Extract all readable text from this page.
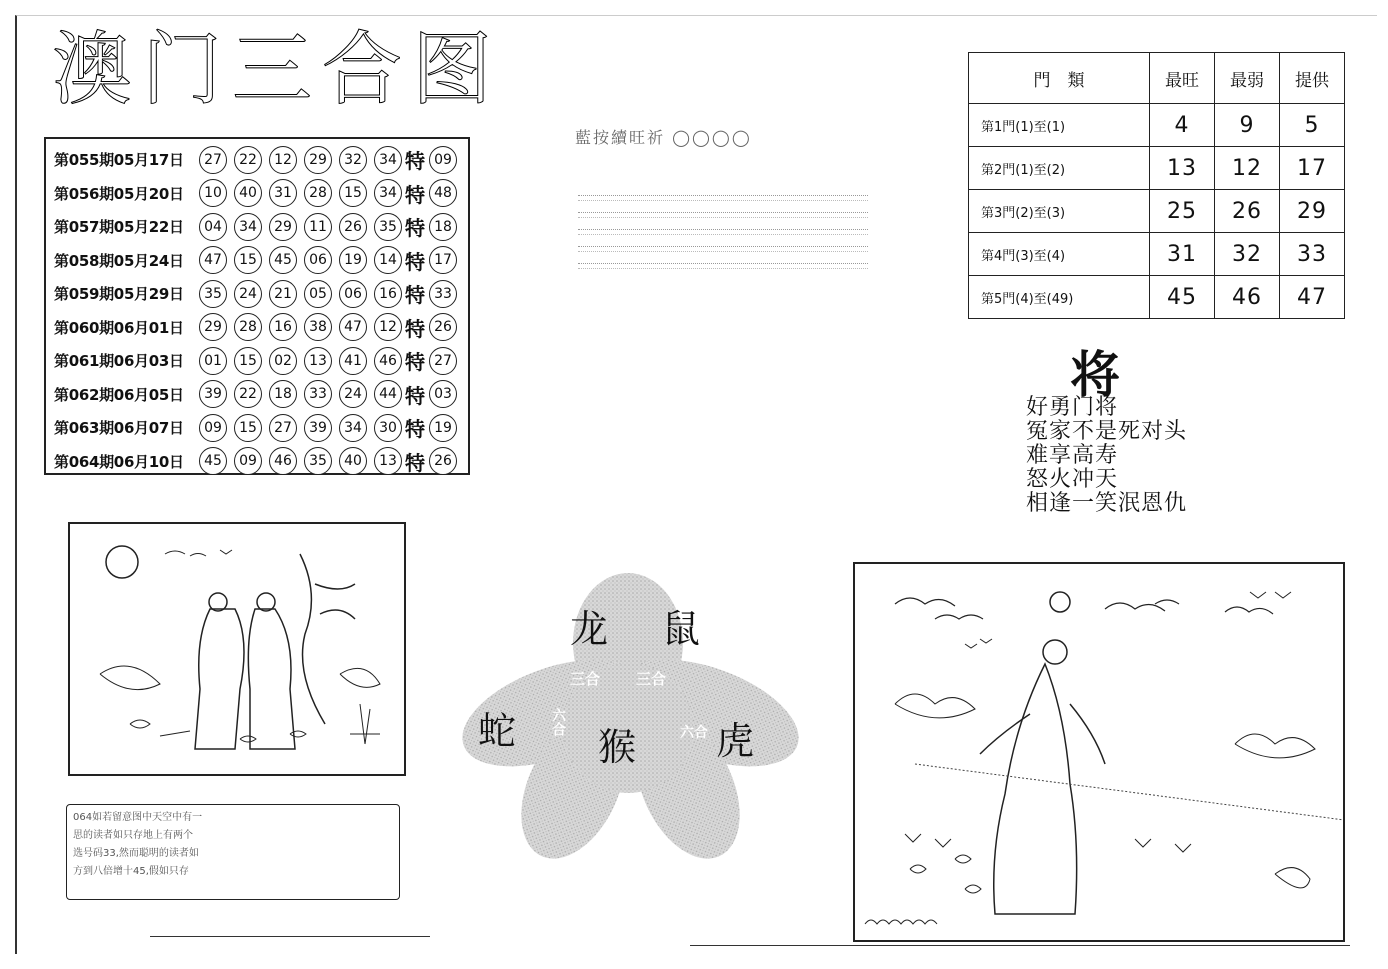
澳门三合图
第055期05月17日	27	22	12	29	32	34 特 09
第056期05月20日	10	40	31	28	15	34 特 48
第057期05月22日	04	34	29	11	26	35 特 18
第058期05月24日	47	15	45	06	19	14 特 17
第059期05月29日	35	24	21	05	06	16 特 33
第060期06月01日	29	28	16	38	47	12 特 26
第061期06月03日	01	15	02	13	41	46 特 27
第062期06月05日	39	22	18	33	24	44 特 03
第063期06月07日	09	15	27	39	34	30 特 19
第064期06月10日	45	09	46	35	40	13 特 26
藍按續旺祈 ◯◯◯◯
門　類	最旺	最弱	提供
第1門(1)至(1)	4	9	5
第2門(1)至(2)	13	12	17
第3門(2)至(3)	25	26	29
第4門(3)至(4)	31	32	33
第5門(4)至(49)	45	46	47
将
好勇门将
冤家不是死对头
难享高寿
怒火冲天
相逢一笑泯恩仇
龙 鼠
蛇 猴 虎
三合 三合
六合	六合
064如若留意图中天空中有一
思的读者如只存地上有两个
选号码33,然而聪明的读者如
方到八倍增十45,假如只存
